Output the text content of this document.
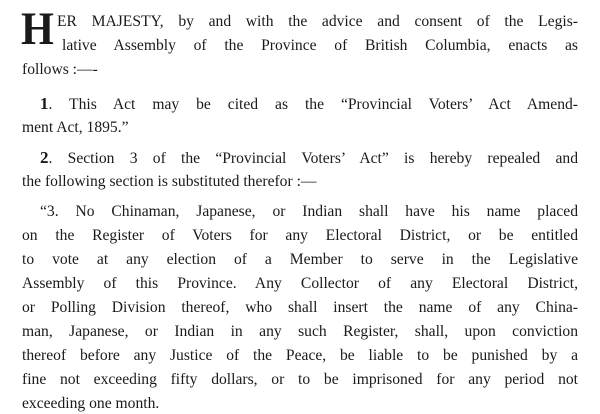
H ER MAJESTY, by and with the advice and consent of the Legis-
lative Assembly of the Province of British Columbia, enacts as
follows :—-
1. This Act may be cited as the “Provincial Voters’ Act Amend-
ment Act, 1895.”
2. Section 3 of the “Provincial Voters’ Act” is hereby repealed and
the following section is substituted therefor :—
“3. No Chinaman, Japanese, or Indian shall have his name placed
on the Register of Voters for any Electoral District, or be entitled
to vote at any election of a Member to serve in the Legislative
Assembly of this Province. Any Collector of any Electoral District,
or Polling Division thereof, who shall insert the name of any China-
man, Japanese, or Indian in any such Register, shall, upon conviction
thereof before any Justice of the Peace, be liable to be punished by a
fine not exceeding fifty dollars, or to be imprisoned for any period not
exceeding one month.
